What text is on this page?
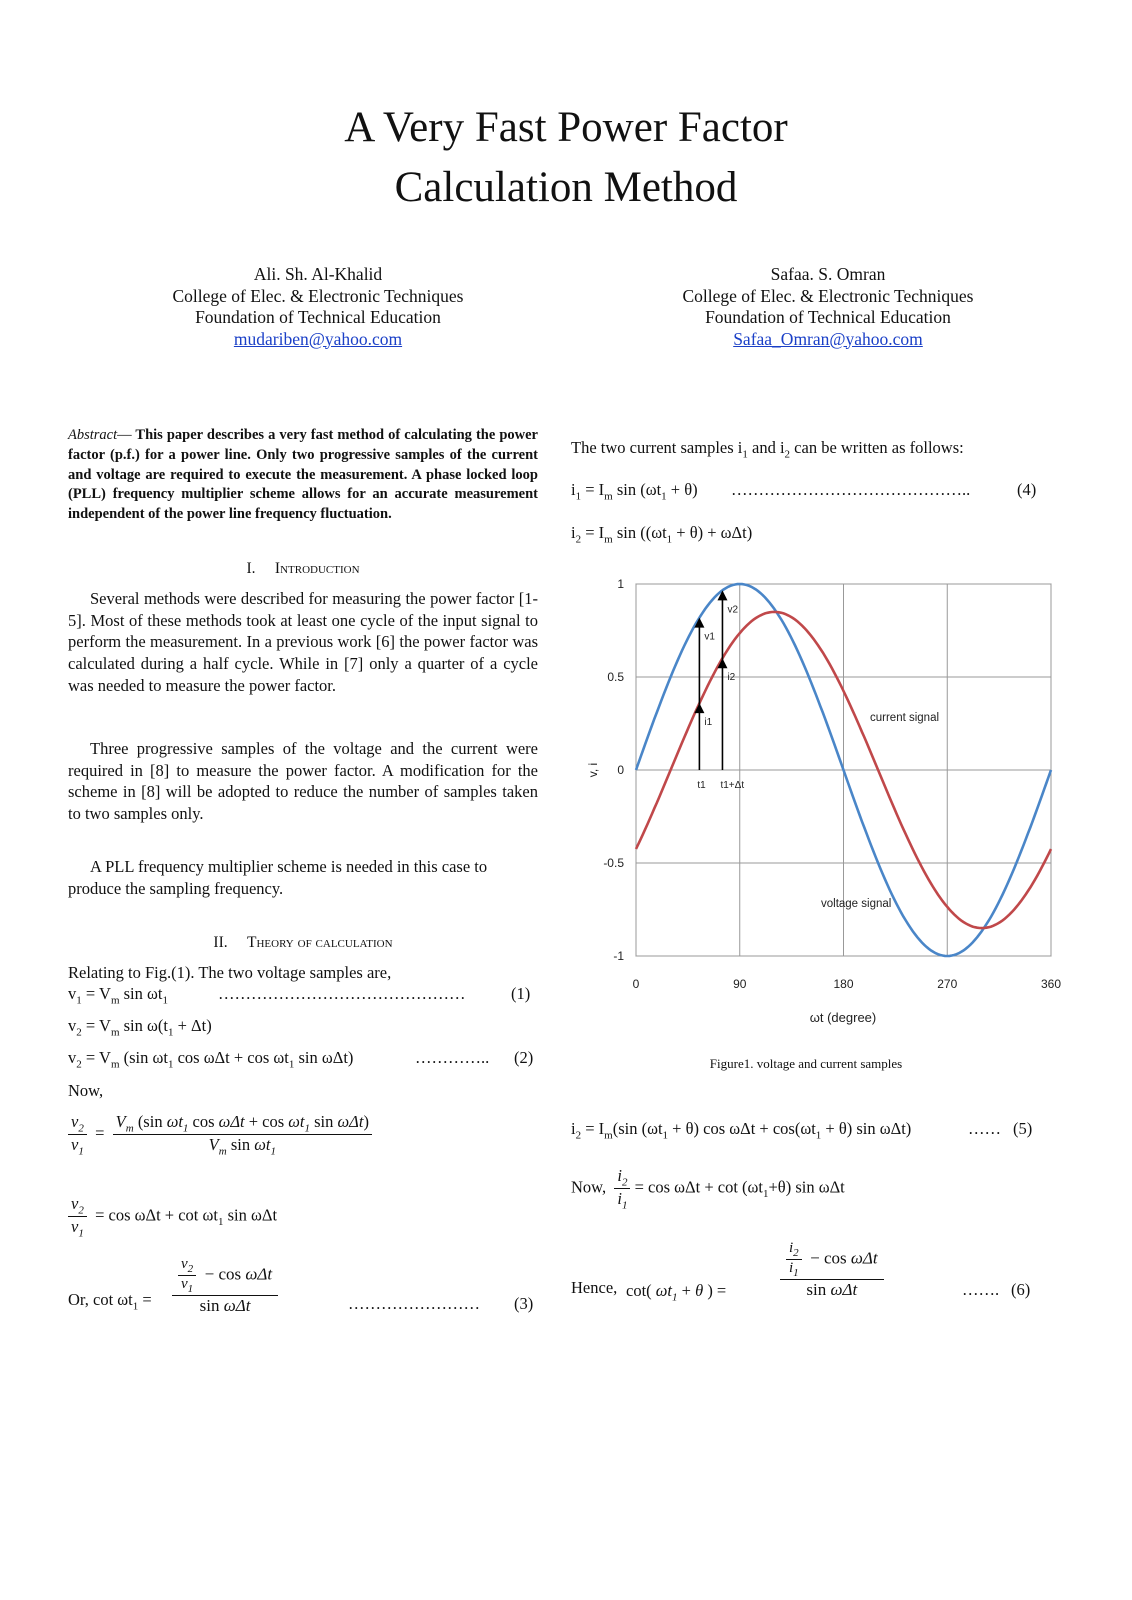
A Very Fast Power Factor
Calculation Method
Ali. Sh. Al-Khalid
College of Elec. & Electronic Techniques
Foundation of Technical Education
mudariben@yahoo.com
Safaa. S. Omran
College of Elec. & Electronic Techniques
Foundation of Technical Education
Safaa_Omran@yahoo.com
Abstract— This paper describes a very fast method of calculating the power factor (p.f.) for a power line. Only two progressive samples of the current and voltage are required to execute the measurement. A phase locked loop (PLL) frequency multiplier scheme allows for an accurate measurement independent of the power line frequency fluctuation.
I. Introduction
Several methods were described for measuring the power factor [1-5]. Most of these methods took at least one cycle of the input signal to perform the measurement. In a previous work [6] the power factor was calculated during a half cycle. While in [7] only a quarter of a cycle was needed to measure the power factor.
Three progressive samples of the voltage and the current were required in [8] to measure the power factor. A modification for the scheme in [8] will be adopted to reduce the number of samples taken to two samples only.
A PLL frequency multiplier scheme is needed in this case to produce the sampling frequency.
II. Theory of calculation
Relating to Fig.(1). The two voltage samples are,
$v_1 = V_m$ $\sin \omega t_1$	………………………………………	(1)
$v_2 = V_m$ $\sin \omega(t_1 + \Delta t)$
$v_2 = V_m$ (sin $\omega t_1$ $\cos \omega\Delta t + \cos \omega t_1$ sin ωΔt)	………….. (2)
Now,
$\frac{v_2}{v_1} = \frac{V_m (\sin \omega t_1 \cos \omega\Delta t + \cos \omega t_1 \sin \omega\Delta t)}{V_m \sin \omega t_1}$
$\frac{v_2}{v_1} = \cos \omega\Delta t + \cot \omega t_1$ sin ωΔt
Or, $\cot \omega t_1 = \frac{\frac{v_2}{v_1} - \cos \omega\Delta t}{\text{sin ωΔt}}$	…………………… (3)
The two current samples $i_1$ and $i_2$ can be written as follows:
$i_1 = I_m$ $\sin (\omega t_1 + \theta)$ ……………………………………..	(4)
$i_2 = I_m$ $\sin ((\omega t_1 + \theta) + \omega\Delta t)$
0	90	180	270	360
1
0.5
0
-0.5
-1
v1
i1
t1
v2
i2
t1+Δt
current signal
voltage signal
v, i
ωt (degree)
Figure1. voltage and current samples
$i_2 = I_m(\sin$ $(\omega t_1 + \theta)$ $\cos \omega\Delta t + \cos(\omega t_1 + \theta)$ sin ωΔt)	…… (5)
Now, $\frac{i_2}{i_1} = \cos \omega\Delta t + \cot (\omega t_1+\theta)$ sin ωΔt
Hence, cot( $\omega t_1 + \theta$ ) =	$\frac{\frac{i_2}{i_1} - \cos \omega\Delta t}{\text{sin ωΔt}}$	……. (6)
